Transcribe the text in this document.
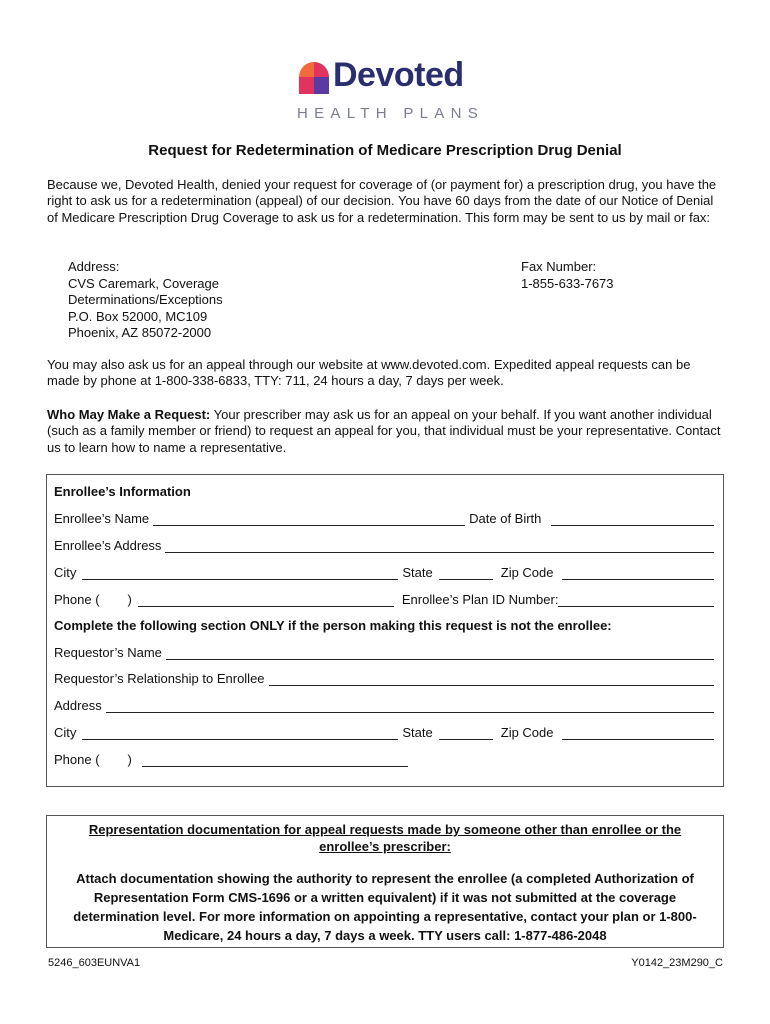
Devoted
HEALTH PLANS
Request for Redetermination of Medicare Prescription Drug Denial
Because we, Devoted Health, denied your request for coverage of (or payment for) a prescription drug, you have the right to ask us for a redetermination (appeal) of our decision. You have 60 days from the date of our Notice of Denial of Medicare Prescription Drug Coverage to ask us for a redetermination. This form may be sent to us by mail or fax:
Address:
CVS Caremark, Coverage
Determinations/Exceptions
P.O. Box 52000, MC109
Phoenix, AZ 85072-2000
Fax Number:
1-855-633-7673
You may also ask us for an appeal through our website at www.devoted.com. Expedited appeal requests can be made by phone at 1-800-338-6833, TTY: 711, 24 hours a day, 7 days per week.
Who May Make a Request: Your prescriber may ask us for an appeal on your behalf. If you want another individual (such as a family member or friend) to request an appeal for you, that individual must be your representative. Contact us to learn how to name a representative.
Enrollee’s Information
Enrollee’s Name	Date of Birth
Enrollee’s Address
City	State	Zip Code
Phone ( )	Enrollee’s Plan ID Number:
Complete the following section ONLY if the person making this request is not the enrollee:
Requestor’s Name
Requestor’s Relationship to Enrollee
Address
City	State	Zip Code
Phone ( )
Representation documentation for appeal requests made by someone other than enrollee or the enrollee’s prescriber:
Attach documentation showing the authority to represent the enrollee (a completed Authorization of Representation Form CMS-1696 or a written equivalent) if it was not submitted at the coverage determination level. For more information on appointing a representative, contact your plan or 1-800-Medicare, 24 hours a day, 7 days a week. TTY users call: 1-877-486-2048
5246_603EUNVA1	Y0142_23M290_C
